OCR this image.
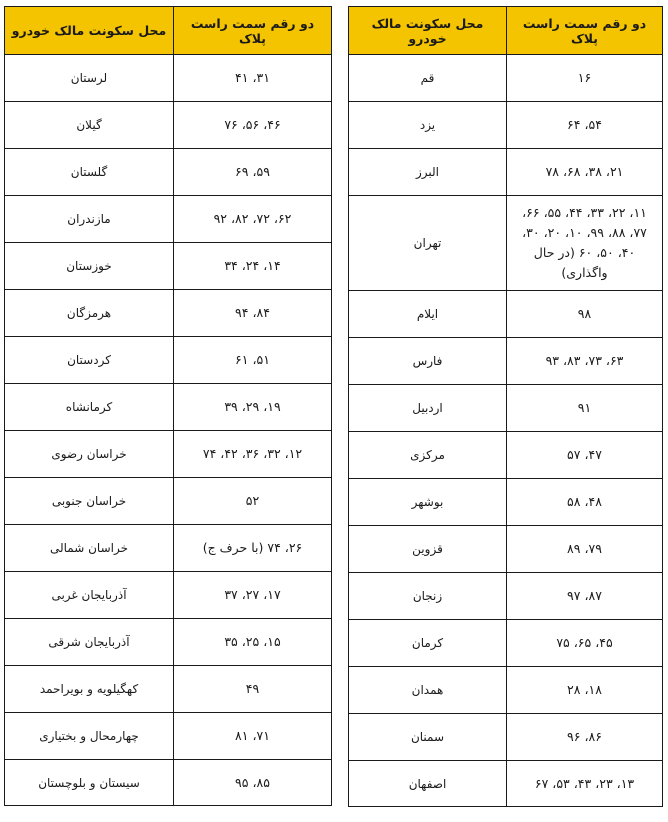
دو رقم سمت راست پلاک	محل سکونت مالک خودرو
۱۶	قم
۵۴، ۶۴	یزد
۲۱، ۳۸، ۶۸، ۷۸	البرز
۱۱، ۲۲، ۳۳، ۴۴، ۵۵، ۶۶، ۷۷، ۸۸، ۹۹، ۱۰، ۲۰، ۳۰، ۴۰، ۵۰، ۶۰ (در حال واگذاری)	تهران
۹۸	ایلام
۶۳، ۷۳، ۸۳، ۹۳	فارس
۹۱	اردبیل
۴۷، ۵۷	مرکزی
۴۸، ۵۸	بوشهر
۷۹، ۸۹	قزوین
۸۷، ۹۷	زنجان
۴۵، ۶۵، ۷۵	کرمان
۱۸، ۲۸	همدان
۸۶، ۹۶	سمنان
۱۳، ۲۳، ۴۳، ۵۳، ۶۷	اصفهان
دو رقم سمت راست پلاک	محل سکونت مالک خودرو
۳۱، ۴۱	لرستان
۴۶، ۵۶، ۷۶	گیلان
۵۹، ۶۹	گلستان
۶۲، ۷۲، ۸۲، ۹۲	مازندران
۱۴، ۲۴، ۳۴	خوزستان
۸۴، ۹۴	هرمزگان
۵۱، ۶۱	کردستان
۱۹، ۲۹، ۳۹	کرمانشاه
۱۲، ۳۲، ۳۶، ۴۲، ۷۴	خراسان رضوی
۵۲	خراسان جنوبی
۲۶، ۷۴ (با حرف ج)	خراسان شمالی
۱۷، ۲۷، ۳۷	آذربایجان غربی
۱۵، ۲۵، ۳۵	آذربایجان شرقی
۴۹	کهگیلویه و بویراحمد
۷۱، ۸۱	چهارمحال و بختیاری
۸۵، ۹۵	سیستان و بلوچستان
